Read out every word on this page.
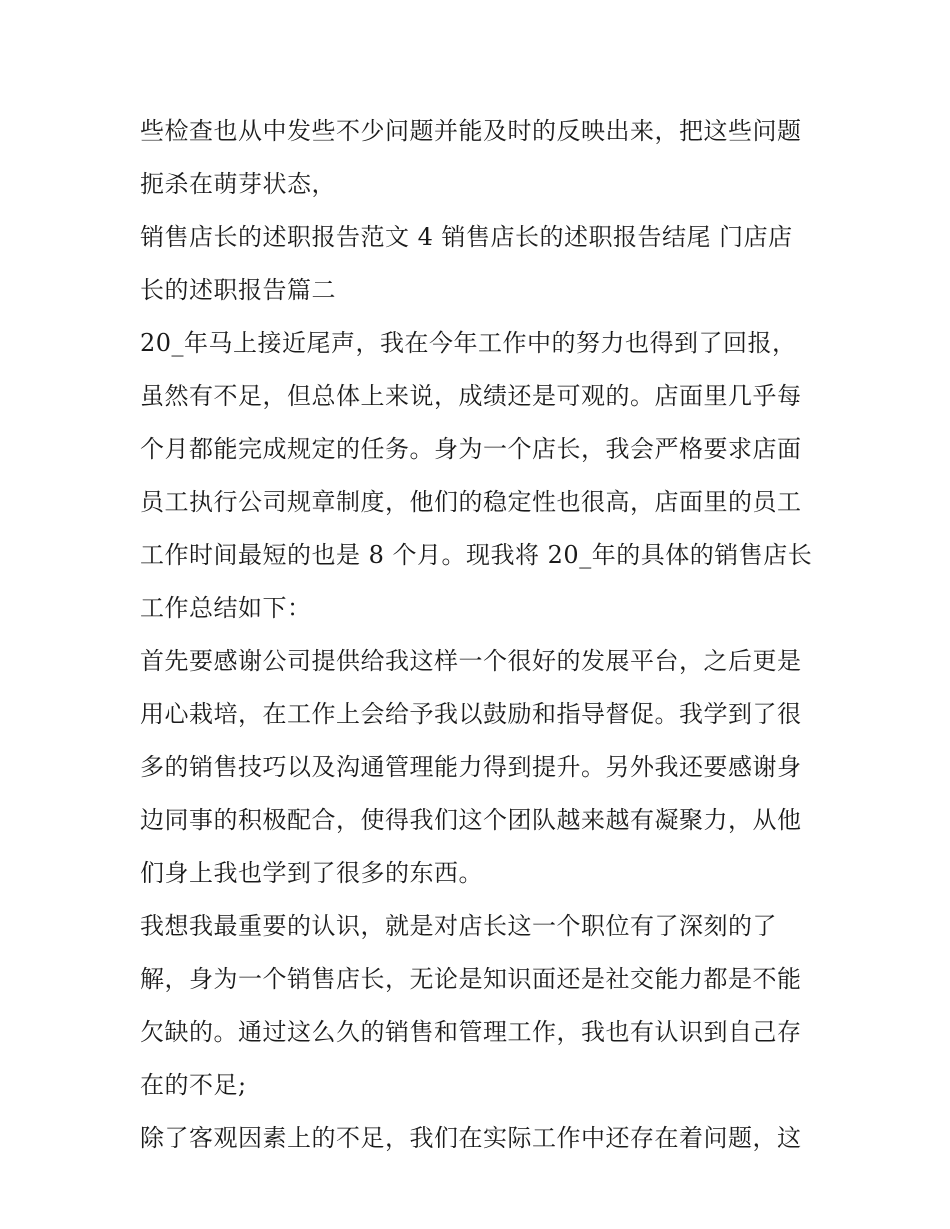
些检查也从中发些不少问题并能及时的反映出来，把这些问题
扼杀在萌芽状态，
销售店长的述职报告范文 4 销售店长的述职报告结尾 门店店
长的述职报告篇二
20_年马上接近尾声，我在今年工作中的努力也得到了回报，
虽然有不足，但总体上来说，成绩还是可观的。店面里几乎每
个月都能完成规定的任务。身为一个店长，我会严格要求店面
员工执行公司规章制度，他们的稳定性也很高，店面里的员工
工作时间最短的也是 8 个月。现我将 20_年的具体的销售店长
工作总结如下：
首先要感谢公司提供给我这样一个很好的发展平台，之后更是
用心栽培，在工作上会给予我以鼓励和指导督促。我学到了很
多的销售技巧以及沟通管理能力得到提升。另外我还要感谢身
边同事的积极配合，使得我们这个团队越来越有凝聚力，从他
们身上我也学到了很多的东西。
我想我最重要的认识，就是对店长这一个职位有了深刻的了
解，身为一个销售店长，无论是知识面还是社交能力都是不能
欠缺的。通过这么久的销售和管理工作，我也有认识到自己存
在的不足;
除了客观因素上的不足，我们在实际工作中还存在着问题，这
